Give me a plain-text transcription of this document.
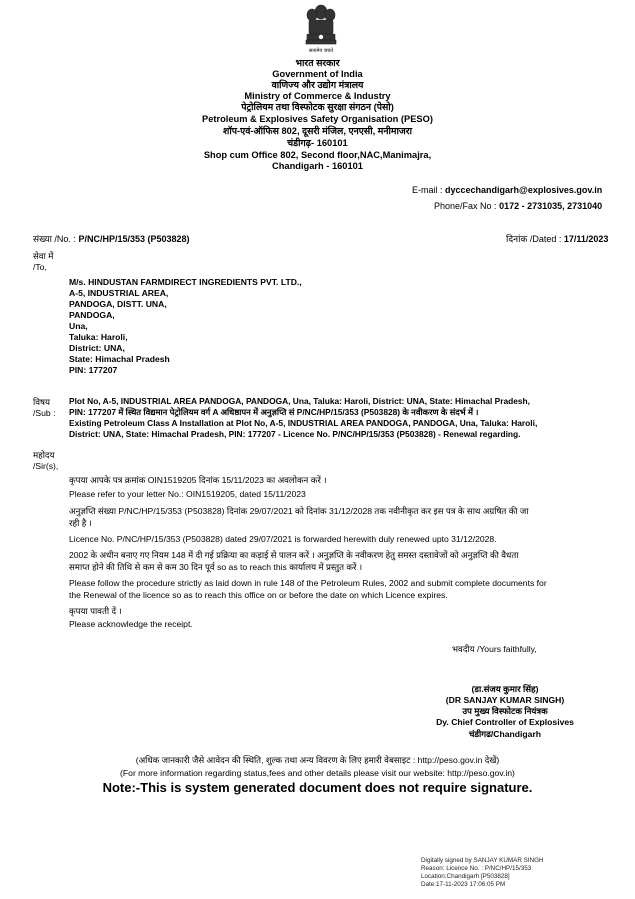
सत्यमेव जयते
भारत सरकार
Government of India
वाणिज्य और उद्योग मंत्रालय
Ministry of Commerce & Industry
पेट्रोलियम तथा विस्फोटक सुरक्षा संगठन (पेसो)
Petroleum & Explosives Safety Organisation (PESO)
शॉप-एवं-ऑफिस 802, दूसरी मंजिल, एनएसी, मनीमाजरा
चंडीगढ़- 160101
Shop cum Office 802, Second floor,NAC,Manimajra,
Chandigarh - 160101
E-mail : dyccechandigarh@explosives.gov.in
Phone/Fax No : 0172 - 2731035, 2731040
संख्या /No. : P/NC/HP/15/353 (P503828)	दिनांक /Dated : 17/11/2023
सेवा में
/To,
M/s. HINDUSTAN FARMDIRECT INGREDIENTS PVT. LTD.,
A-5, INDUSTRIAL AREA,
PANDOGA, DISTT. UNA,
PANDOGA,
Una,
Taluka: Haroli,
District: UNA,
State: Himachal Pradesh
PIN: 177207
विषय
/Sub :
Plot No, A-5, INDUSTRIAL AREA PANDOGA, PANDOGA, Una, Taluka: Haroli, District: UNA, State: Himachal Pradesh,
PIN: 177207 में स्थित विद्यमान पेट्रोलियम वर्ग A अधिष्ठापन में अनुज्ञप्ति सं P/NC/HP/15/353 (P503828) के नवीकरण के संदर्भ में ।
Existing Petroleum Class A Installation at Plot No, A-5, INDUSTRIAL AREA PANDOGA, PANDOGA, Una, Taluka: Haroli,
District: UNA, State: Himachal Pradesh, PIN: 177207 - Licence No. P/NC/HP/15/353 (P503828) - Renewal regarding.
महोदय
/Sir(s),
कृपया आपके पत्र क्रमांक OIN1519205 दिनांक 15/11/2023 का अवलोकन करें ।
Please refer to your letter No.: OIN1519205, dated 15/11/2023
अनुज्ञप्ति संख्या P/NC/HP/15/353 (P503828) दिनांक 29/07/2021 को दिनांक 31/12/2028 तक नवीनीकृत कर इस पत्र के साथ अग्रषित की जा
रही है ।
Licence No. P/NC/HP/15/353 (P503828) dated 29/07/2021 is forwarded herewith duly renewed upto 31/12/2028.
2002 के अधीन बनाए गए नियम 148 में दी गई प्रक्रिया का कड़ाई से पालन करें । अनुज्ञप्ति के नवीकरण हेतु समस्त दस्तावेजों को अनुज्ञप्ति की वैधता
समाप्त होने की तिथि से कम से कम 30 दिन पूर्व so as to reach this कार्यालय में प्रस्तुत करें ।
Please follow the procedure strictly as laid down in rule 148 of the Petroleum Rules, 2002 and submit complete documents for
the Renewal of the licence so as to reach this office on or before the date on which Licence expires.
कृपया पावती दें ।
Please acknowledge the receipt.
भवदीय /Yours faithfully,
(डा.संजय कुमार सिंह)
(DR SANJAY KUMAR SINGH)
उप मुख्य विस्फोटक नियंत्रक
Dy. Chief Controller of Explosives
चंडीगढ/Chandigarh
(अधिक जानकारी जैसे आवेदन की स्थिति, शुल्क तथा अन्य विवरण के लिए हमारी वेबसाइट : http://peso.gov.in देखें)
(For more information regarding status,fees and other details please visit our website: http://peso.gov.in)
Note:-This is system generated document does not require signature.
Digitally signed by SANJAY KUMAR SINGH
Reason: Licence No. : P/NC/HP/15/353
Location:Chandigarh [P503828]
Date:17-11-2023 17:06:05 PM
